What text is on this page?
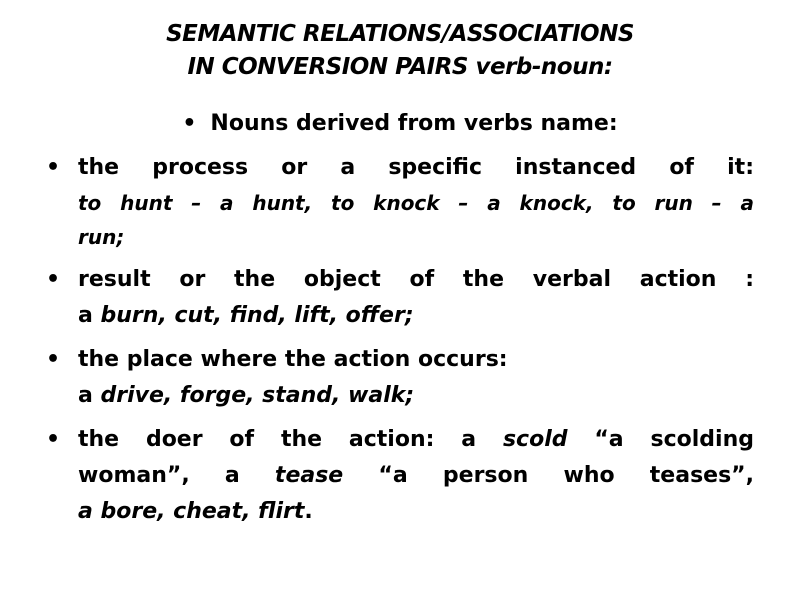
SEMANTIC RELATIONS/ASSOCIATIONS
IN CONVERSION PAIRS verb-noun:
• Nouns derived from verbs name:
• the process or a specific instanced of it:
to hunt – a hunt, to knock – a knock, to run – a
run;
• result or the object of the verbal action :
a burn, cut, find, lift, offer;
• the place where the action occurs:
a drive, forge, stand, walk;
• the doer of the action: a scold “a scolding
woman”, a tease “a person who teases”,
a bore, cheat, flirt.
